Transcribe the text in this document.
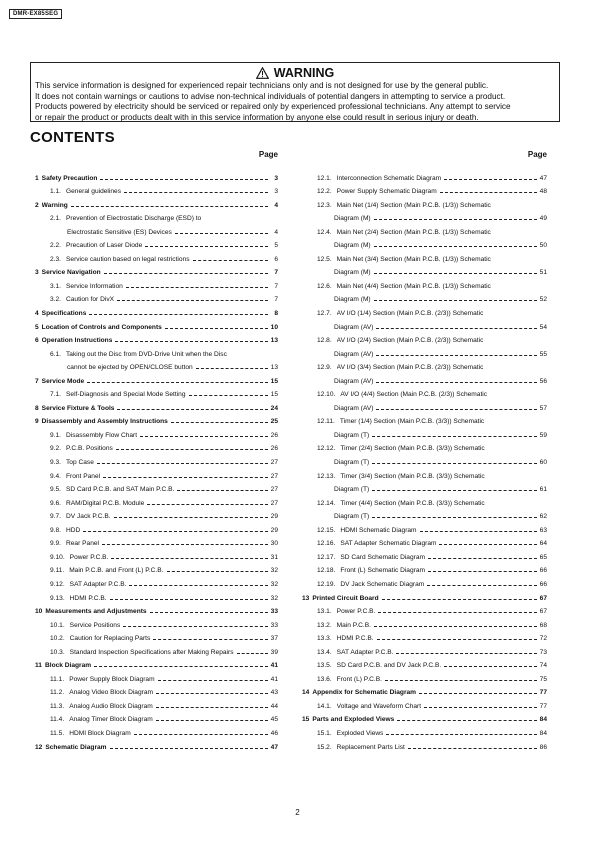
DMR-EX85SEG
WARNING

This service information is designed for experienced repair technicians only and is not designed for use by the general public.

It does not contain warnings or cautions to advise non-technical individuals of potential dangers in attempting to service a product.

Products powered by electricity should be serviced or repaired only by experienced professional technicians. Any attempt to service

or repair the product or products dealt with in this service information by anyone else could result in serious injury or death.

CONTENTS
Page
1 Safety Precaution	3
1.1. General guidelines	3
2 Warning	4
2.1. Prevention of Electrostatic Discharge (ESD) to
Electrostatic Sensitive (ES) Devices	4
2.2. Precaution of Laser Diode	5
2.3. Service caution based on legal restrictions	6
3 Service Navigation	7
3.1. Service Information	7
3.2. Caution for DivX	7
4 Specifications	8
5 Location of Controls and Components	10
6 Operation Instructions	13
6.1. Taking out the Disc from DVD-Drive Unit when the Disc
cannot be ejected by OPEN/CLOSE button	13
7 Service Mode	15
7.1. Self-Diagnosis and Special Mode Setting	15
8 Service Fixture & Tools	24
9 Disassembly and Assembly Instructions	25
9.1. Disassembly Flow Chart	26
9.2. P.C.B. Positions	26
9.3. Top Case	27
9.4. Front Panel	27
9.5. SD Card P.C.B. and SAT Main P.C.B.	27
9.6. RAM/Digital P.C.B. Module	27
9.7. DV Jack P.C.B.	29
9.8. HDD	29
9.9. Rear Panel	30
9.10. Power P.C.B.	31
9.11. Main P.C.B. and Front (L) P.C.B.	32
9.12. SAT Adapter P.C.B.	32
9.13. HDMI P.C.B.	32
10 Measurements and Adjustments	33
10.1. Service Positions	33
10.2. Caution for Replacing Parts	37
10.3. Standard Inspection Specifications after Making Repairs	39
11 Block Diagram	41
11.1. Power Supply Block Diagram	41
11.2. Analog Video Block Diagram	43
11.3. Analog Audio Block Diagram	44
11.4. Analog Timer Block Diagram	45
11.5. HDMI Block Diagram	46
12 Schematic Diagram	47
Page
12.1. Interconnection Schematic Diagram	47
12.2. Power Supply Schematic Diagram	48
12.3. Main Net (1/4) Section (Main P.C.B. (1/3)) Schematic
Diagram (M)	49
12.4. Main Net (2/4) Section (Main P.C.B. (1/3)) Schematic
Diagram (M)	50
12.5. Main Net (3/4) Section (Main P.C.B. (1/3)) Schematic
Diagram (M)	51
12.6. Main Net (4/4) Section (Main P.C.B. (1/3)) Schematic
Diagram (M)	52
12.7. AV I/O (1/4) Section (Main P.C.B. (2/3)) Schematic
Diagram (AV)	54
12.8. AV I/O (2/4) Section (Main P.C.B. (2/3)) Schematic
Diagram (AV)	55
12.9. AV I/O (3/4) Section (Main P.C.B. (2/3)) Schematic
Diagram (AV)	56
12.10. AV I/O (4/4) Section (Main P.C.B. (2/3)) Schematic
Diagram (AV)	57
12.11. Timer (1/4) Section (Main P.C.B. (3/3)) Schematic
Diagram (T)	59
12.12. Timer (2/4) Section (Main P.C.B. (3/3)) Schematic
Diagram (T)	60
12.13. Timer (3/4) Section (Main P.C.B. (3/3)) Schematic
Diagram (T)	61
12.14. Timer (4/4) Section (Main P.C.B. (3/3)) Schematic
Diagram (T)	62
12.15. HDMI Schematic Diagram	63
12.16. SAT Adapter Schematic Diagram	64
12.17. SD Card Schematic Diagram	65
12.18. Front (L) Schematic Diagram	66
12.19. DV Jack Schematic Diagram	66
13 Printed Circuit Board	67
13.1. Power P.C.B.	67
13.2. Main P.C.B.	68
13.3. HDMI P.C.B.	72
13.4. SAT Adapter P.C.B.	73
13.5. SD Card P.C.B. and DV Jack P.C.B.	74
13.6. Front (L) P.C.B.	75
14 Appendix for Schematic Diagram	77
14.1. Voltage and Waveform Chart	77
15 Parts and Exploded Views	84
15.1. Exploded Views	84
15.2. Replacement Parts List	86
2
